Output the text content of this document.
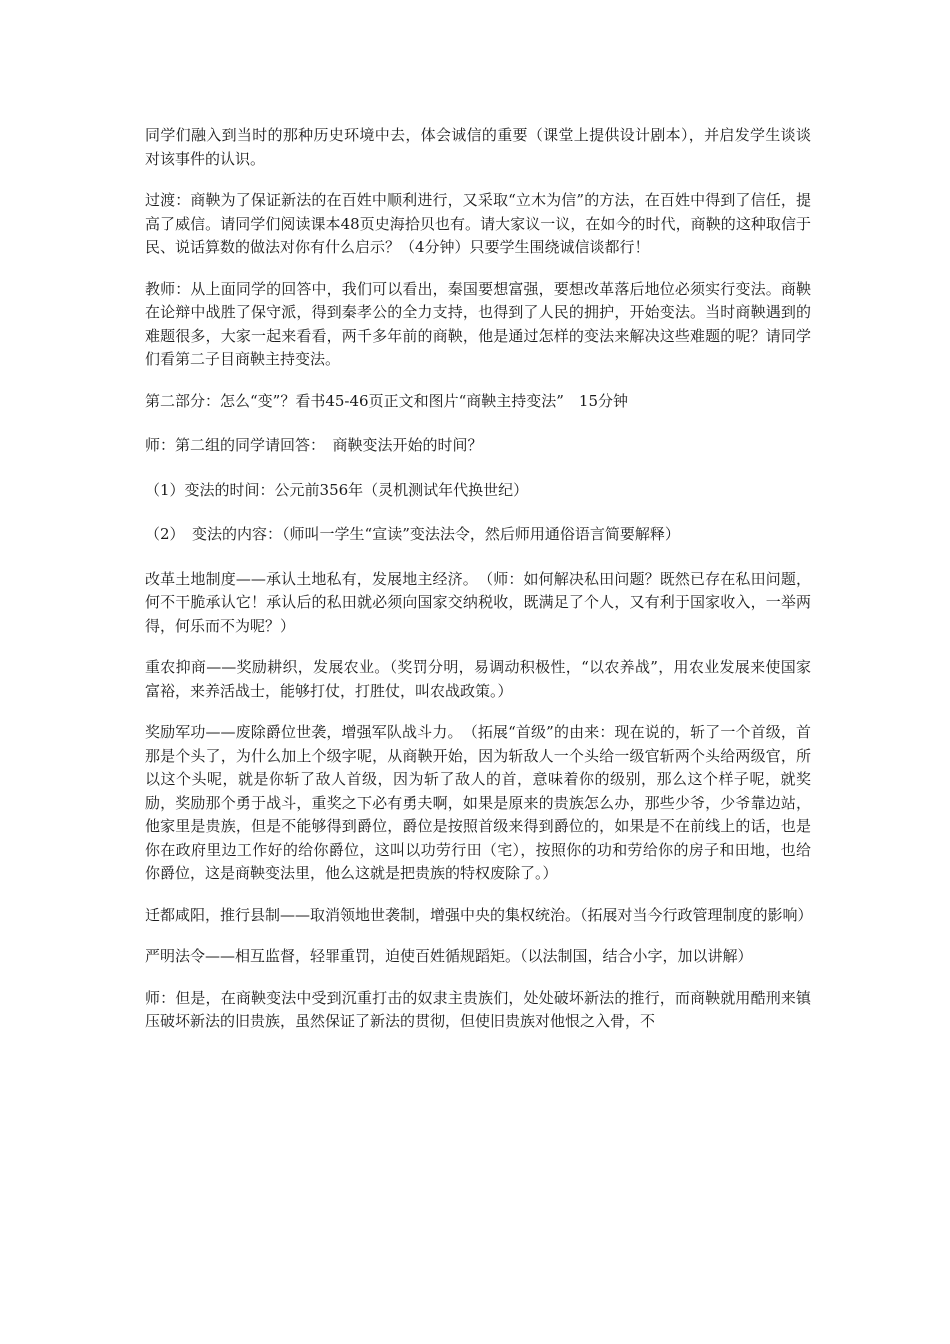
同学们融入到当时的那种历史环境中去，体会诚信的重要（课堂上提供设计剧本），并启发学生谈谈对该事件的认识。

过渡：商鞅为了保证新法的在百姓中顺利进行，又采取“立木为信”的方法，在百姓中得到了信任，提高了威信。请同学们阅读课本48页史海拾贝也有。请大家议一议，在如今的时代，商鞅的这种取信于民、说话算数的做法对你有什么启示？（4分钟）只要学生围绕诚信谈都行！

教师：从上面同学的回答中，我们可以看出，秦国要想富强，要想改革落后地位必须实行变法。商鞅在论辩中战胜了保守派，得到秦孝公的全力支持，也得到了人民的拥护，开始变法。当时商鞅遇到的难题很多，大家一起来看看，两千多年前的商鞅，他是通过怎样的变法来解决这些难题的呢？请同学们看第二子目商鞅主持变法。

第二部分：怎么“变”？看书45-46页正文和图片“商鞅主持变法”　15分钟

师：第二组的同学请回答：　商鞅变法开始的时间？

（1）变法的时间：公元前356年（灵机测试年代换世纪）

（2）　变法的内容：（师叫一学生“宣读”变法法令，然后师用通俗语言简要解释）

改革土地制度——承认土地私有，发展地主经济。　（师：如何解决私田问题？既然已存在私田问题，何不干脆承认它！承认后的私田就必须向国家交纳税收，既满足了个人，又有利于国家收入，一举两得，何乐而不为呢？）

重农抑商——奖励耕织，发展农业。（奖罚分明，易调动积极性，“以农养战”，用农业发展来使国家富裕，来养活战士，能够打仗，打胜仗，叫农战政策。）

奖励军功——废除爵位世袭，增强军队战斗力。　（拓展“首级”的由来：现在说的，斩了一个首级，首那是个头了，为什么加上个级字呢，从商鞅开始，因为斩敌人一个头给一级官斩两个头给两级官，所以这个头呢，就是你斩了敌人首级，因为斩了敌人的首，意味着你的级别，那么这个样子呢，就奖励，奖励那个勇于战斗，重奖之下必有勇夫啊，如果是原来的贵族怎么办，那些少爷，少爷靠边站，他家里是贵族，但是不能够得到爵位，爵位是按照首级来得到爵位的，如果是不在前线上的话，也是你在政府里边工作好的给你爵位，这叫以功劳行田（宅），按照你的功和劳给你的房子和田地，也给你爵位，这是商鞅变法里，他么这就是把贵族的特权废除了。）

迁都咸阳，推行县制——取消领地世袭制，增强中央的集权统治。（拓展对当今行政管理制度的影响）

严明法令——相互监督，轻罪重罚，迫使百姓循规蹈矩。（以法制国，结合小字，加以讲解）

师：但是，在商鞅变法中受到沉重打击的奴隶主贵族们，处处破坏新法的推行，而商鞅就用酷刑来镇压破坏新法的旧贵族，虽然保证了新法的贯彻，但使旧贵族对他恨之入骨，不
